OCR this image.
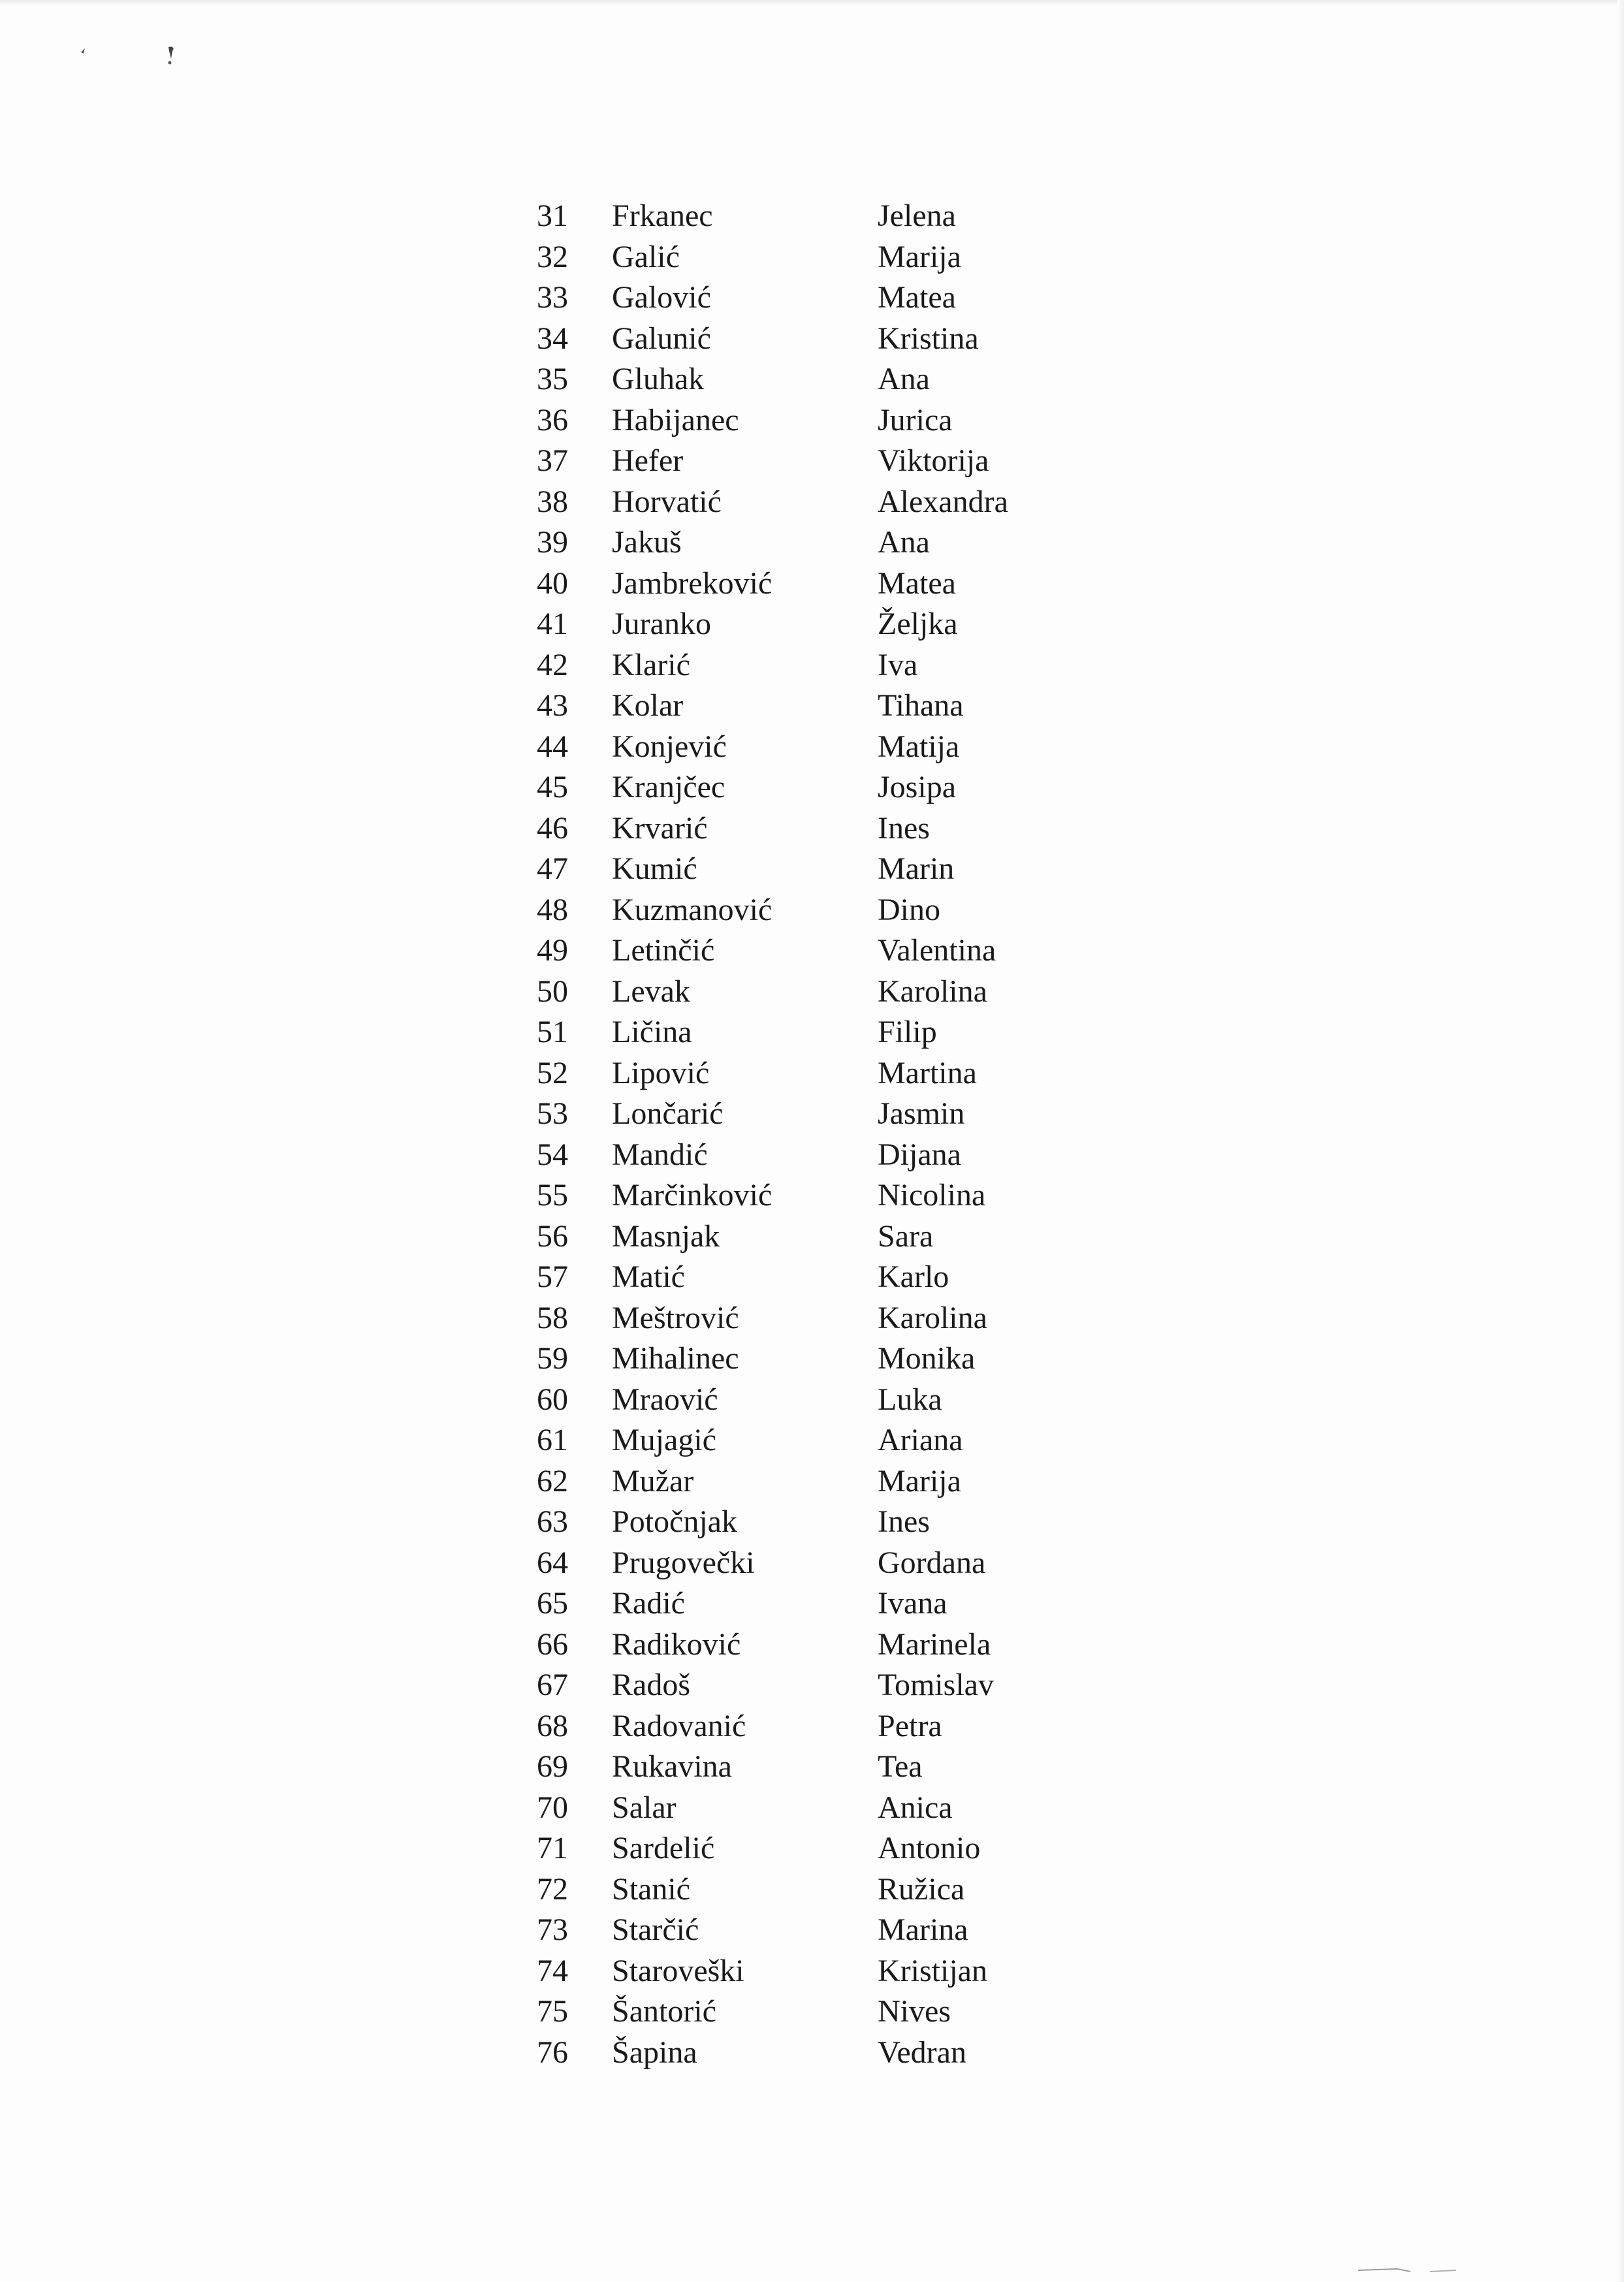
31	Frkanec	Jelena
32	Galić	Marija
33	Galović	Matea
34	Galunić	Kristina
35	Gluhak	Ana
36	Habijanec	Jurica
37	Hefer	Viktorija
38	Horvatić	Alexandra
39	Jakuš	Ana
40	Jambreković	Matea
41	Juranko	Željka
42	Klarić	Iva
43	Kolar	Tihana
44	Konjević	Matija
45	Kranjčec	Josipa
46	Krvarić	Ines
47	Kumić	Marin
48	Kuzmanović	Dino
49	Letinčić	Valentina
50	Levak	Karolina
51	Ličina	Filip
52	Lipović	Martina
53	Lončarić	Jasmin
54	Mandić	Dijana
55	Marčinković	Nicolina
56	Masnjak	Sara
57	Matić	Karlo
58	Meštrović	Karolina
59	Mihalinec	Monika
60	Mraović	Luka
61	Mujagić	Ariana
62	Mužar	Marija
63	Potočnjak	Ines
64	Prugovečki	Gordana
65	Radić	Ivana
66	Radiković	Marinela
67	Radoš	Tomislav
68	Radovanić	Petra
69	Rukavina	Tea
70	Salar	Anica
71	Sardelić	Antonio
72	Stanić	Ružica
73	Starčić	Marina
74	Staroveški	Kristijan
75	Šantorić	Nives
76	Šapina	Vedran
